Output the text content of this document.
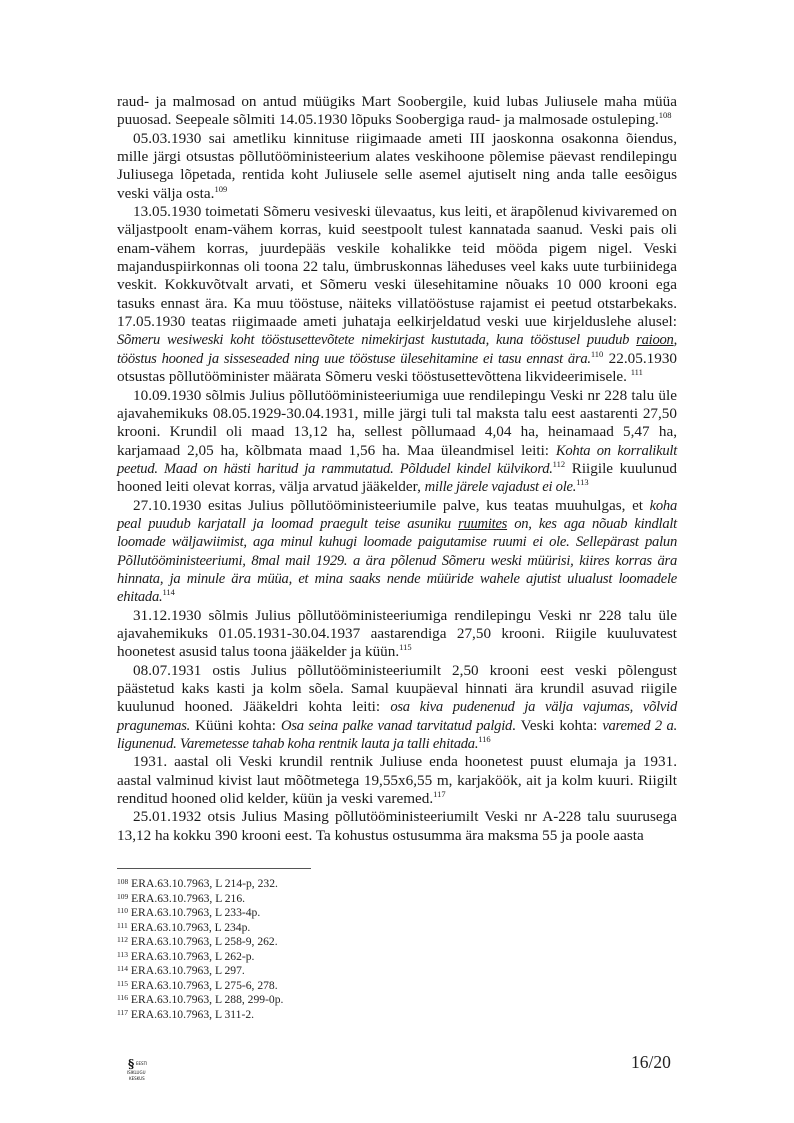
raud- ja malmosad on antud müügiks Mart Soobergile, kuid lubas Juliusele maha müüa puuosad. Seepeale sõlmiti 14.05.1930 lõpuks Soobergiga raud- ja malmosade ostuleping.$^{108}$

05.03.1930 sai ametliku kinnituse riigimaade ameti III jaoskonna osakonna õiendus, mille järgi otsustas põllutööministeerium alates veskihoone põlemise päevast rendilepingu Juliusega lõpetada, rentida koht Juliusele selle asemel ajutiselt ning anda talle eesõigus veski välja osta.$^{109}$

13.05.1930 toimetati Sõmeru vesiveski ülevaatus, kus leiti, et ärapõlenud kivivaremed on väljastpoolt enam-vähem korras, kuid seestpoolt tulest kannatada saanud. Veski pais oli enam-vähem korras, juurdepääs veskile kohalikke teid mööda pigem nigel. Veski majanduspiirkonnas oli toona 22 talu, ümbruskonnas läheduses veel kaks uute turbiinidega veskit. Kokkuvõtvalt arvati, et Sõmeru veski ülesehitamine nõuaks 10 000 krooni ega tasuks ennast ära. Ka muu tööstuse, näiteks villatööstuse rajamist ei peetud otstarbekaks. 17.05.1930 teatas riigimaade ameti juhataja eelkirjeldatud veski uue kirjelduslehe alusel: Sõmeru wesiweski koht tööstusettevõtete nimekirjast kustutada, kuna tööstusel puudub raioon, tööstus hooned ja sisseseaded ning uue tööstuse ülesehitamine ei tasu ennast ära.$^{110}$ 22.05.1930 otsustas põllutööminister määrata Sõmeru veski tööstusettevõttena likvideerimisele. $^{111}$

10.09.1930 sõlmis Julius põllutööministeeriumiga uue rendilepingu Veski nr 228 talu üle ajavahemikuks 08.05.1929-30.04.1931, mille järgi tuli tal maksta talu eest aastarenti 27,50 krooni. Krundil oli maad 13,12 ha, sellest põllumaad 4,04 ha, heinamaad 5,47 ha, karjamaad 2,05 ha, kõlbmata maad 1,56 ha. Maa üleandmisel leiti: Kohta on korralikult peetud. Maad on hästi haritud ja rammutatud. Põldudel kindel külvikord.$^{112}$ Riigile kuulunud hooned leiti olevat korras, välja arvatud jääkelder, mille järele vajadust ei ole.$^{113}$

27.10.1930 esitas Julius põllutööministeeriumile palve, kus teatas muuhulgas, et koha peal puudub karjatall ja loomad praegult teise asuniku ruumites on, kes aga nõuab kindlalt loomade wäljawiimist, aga minul kuhugi loomade paigutamise ruumi ei ole. Sellepärast palun Põllutööministeeriumi, 8mal mail 1929. a ära põlenud Sõmeru weski müürisi, kiires korras ära hinnata, ja minule ära müüa, et mina saaks nende müüride wahele ajutist ulualust loomadele ehitada.$^{114}$

31.12.1930 sõlmis Julius põllutööministeeriumiga rendilepingu Veski nr 228 talu üle ajavahemikuks 01.05.1931-30.04.1937 aastarendiga 27,50 krooni. Riigile kuuluvatest hoonetest asusid talus toona jääkelder ja küün.$^{115}$

08.07.1931 ostis Julius põllutööministeeriumilt 2,50 krooni eest veski põlengust päästetud kaks kasti ja kolm sõela. Samal kuupäeval hinnati ära krundil asuvad riigile kuulunud hooned. Jääkeldri kohta leiti: osa kiva pudenenud ja välja vajumas, võlvid pragunemas. Küüni kohta: Osa seina palke vanad tarvitatud palgid. Veski kohta: varemed 2 a. ligunenud. Varemetesse tahab koha rentnik lauta ja talli ehitada.$^{116}$

1931. aastal oli Veski krundil rentnik Juliuse enda hoonetest puust elumaja ja 1931. aastal valminud kivist laut mõõtmetega 19,55x6,55 m, karjaköök, ait ja kolm kuuri. Riigilt renditud hooned olid kelder, küün ja veski varemed.$^{117}$

25.01.1932 otsis Julius Masing põllutööministeeriumilt Veski nr A-228 talu suurusega 13,12 ha kokku 390 krooni eest. Ta kohustus ostusumma ära maksma 55 ja poole aasta

$^{108}$ ERA.63.10.7963, L 214-p, 232.
$^{109}$ ERA.63.10.7963, L 216.
$^{110}$ ERA.63.10.7963, L 233-4p.
$^{111}$ ERA.63.10.7963, L 234p.
$^{112}$ ERA.63.10.7963, L 258-9, 262.
$^{113}$ ERA.63.10.7963, L 262-p.
$^{114}$ ERA.63.10.7963, L 297.
$^{115}$ ERA.63.10.7963, L 275-6, 278.
$^{116}$ ERA.63.10.7963, L 288, 299-0p.
$^{117}$ ERA.63.10.7963, L 311-2.
§ EESTI
ISIKLUGU
KESKUS
16/20
